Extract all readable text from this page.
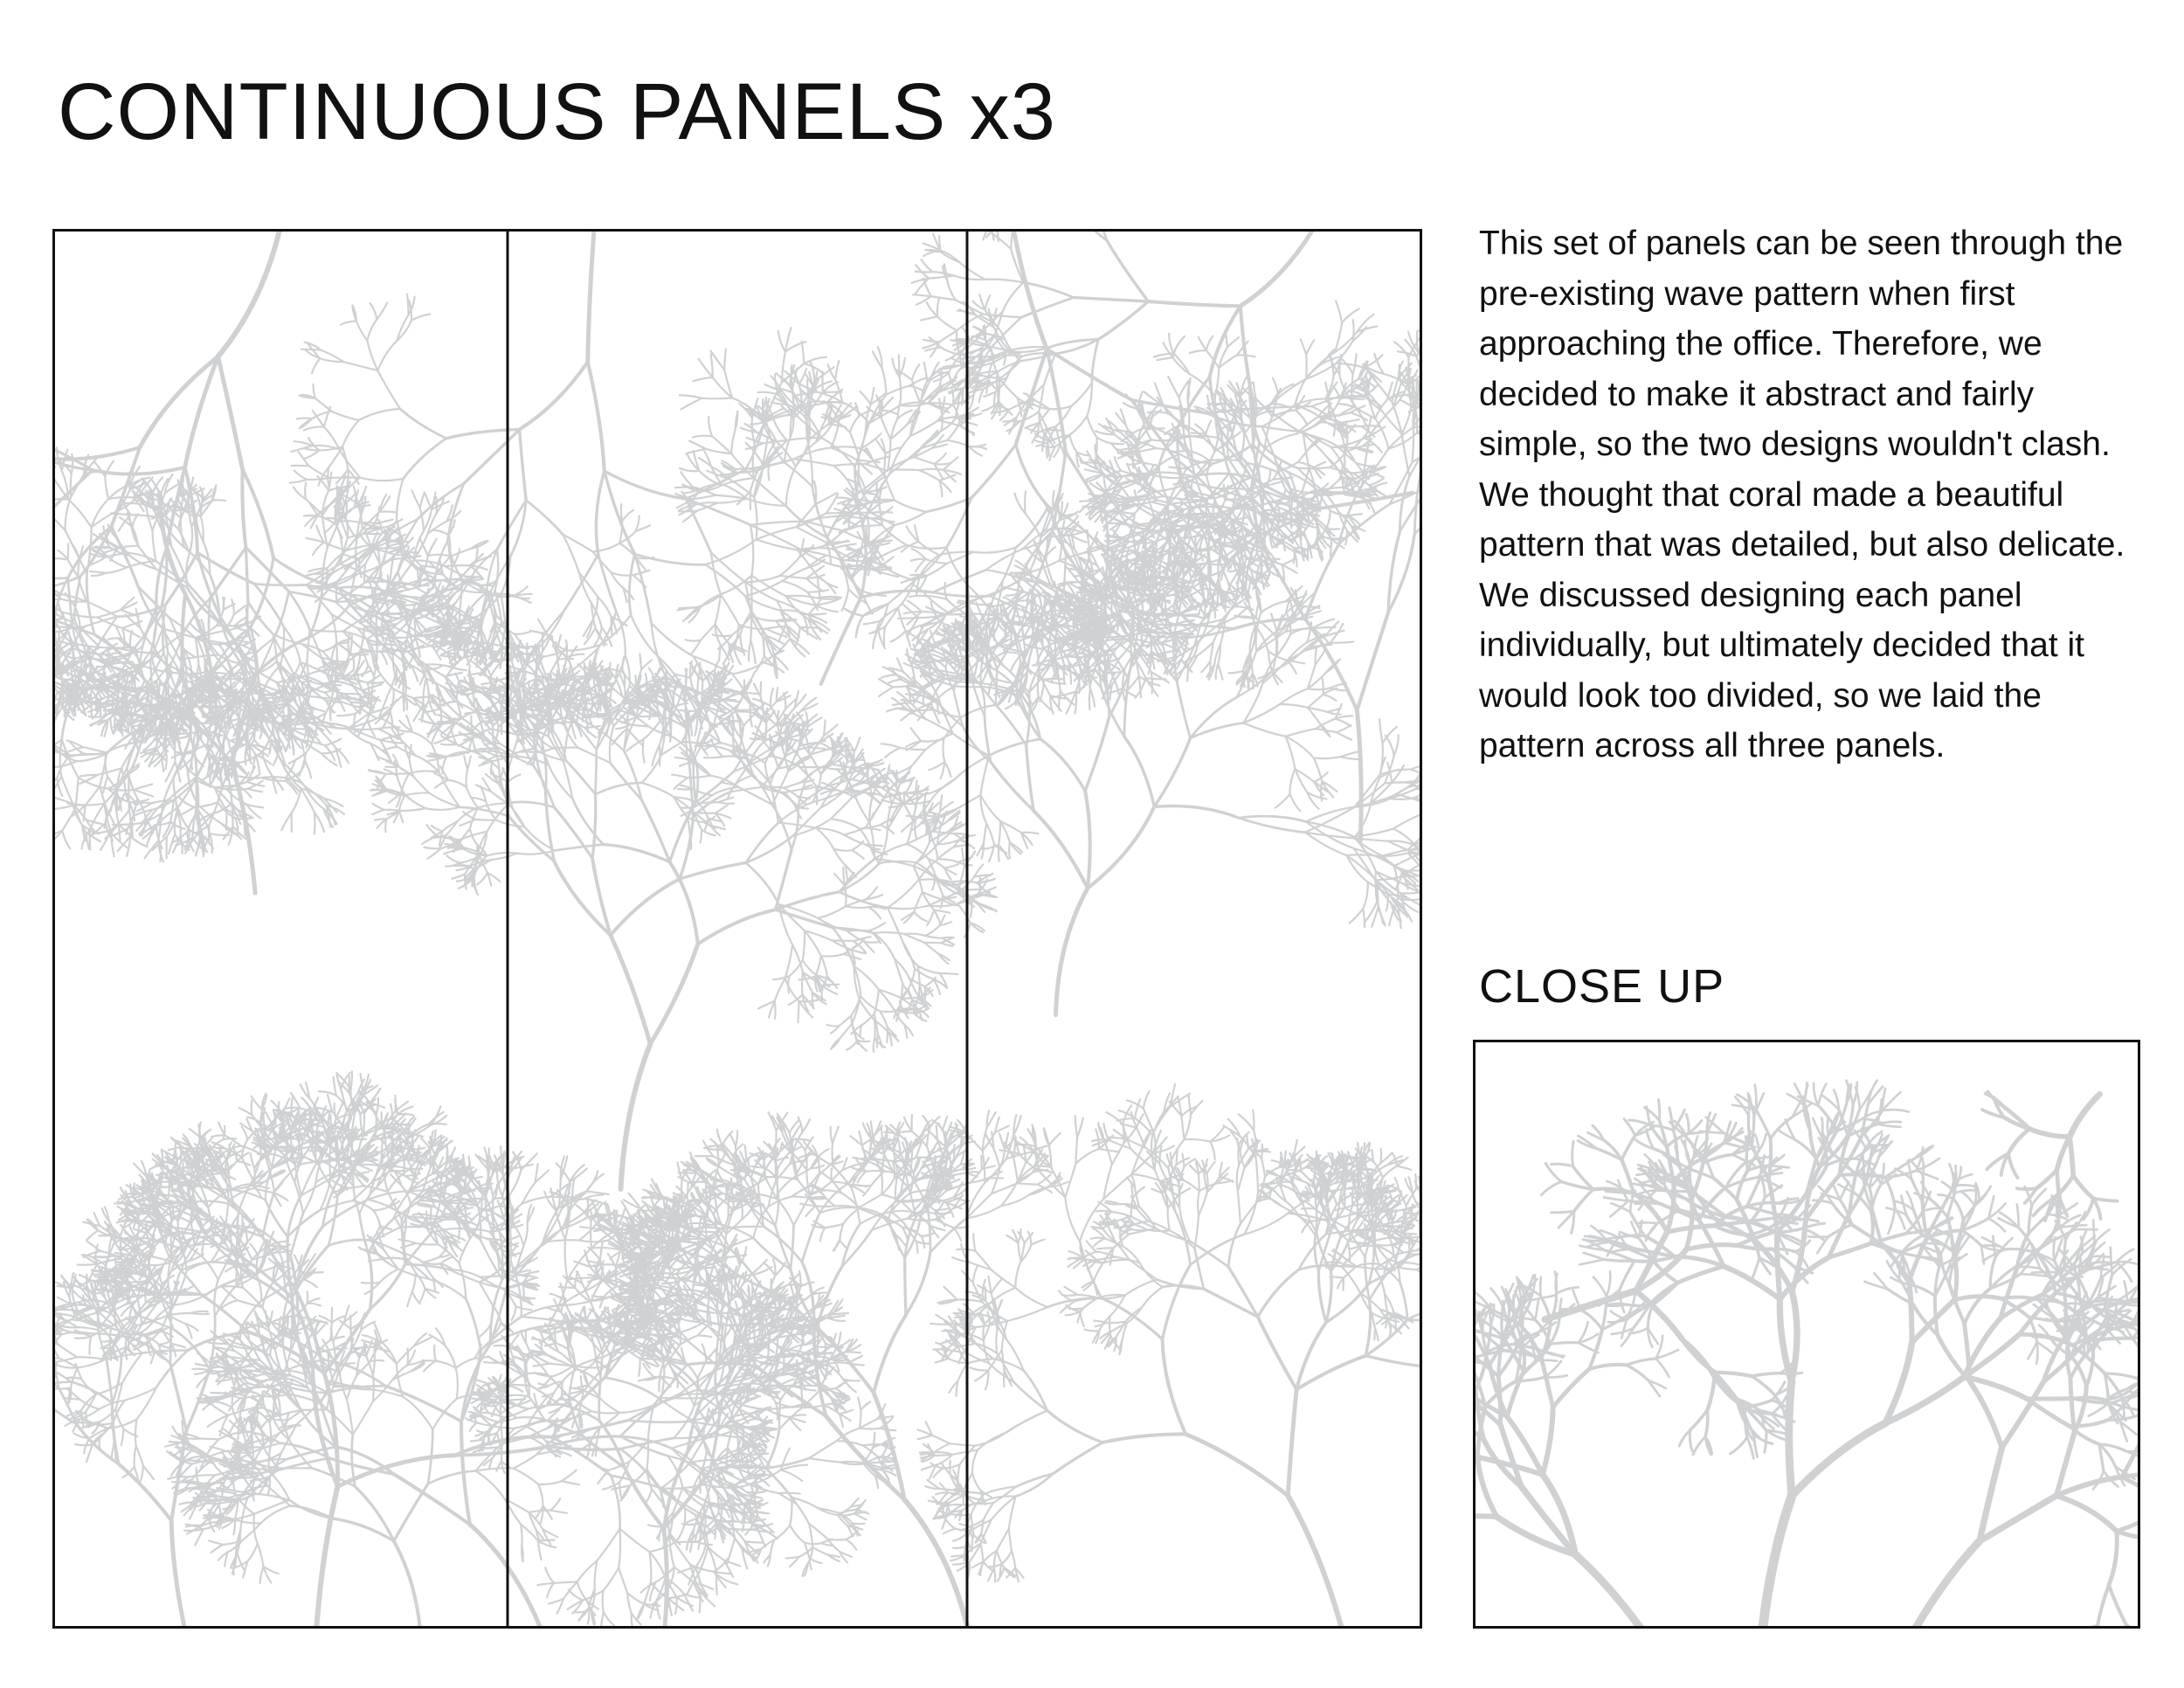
CONTINUOUS PANELS x3

This set of panels can be seen through the pre-existing wave pattern when first approaching the office. Therefore, we decided to make it abstract and fairly simple, so the two designs wouldn't clash. We thought that coral made a beautiful pattern that was detailed, but also delicate. We discussed designing each panel individually, but ultimately decided that it would look too divided, so we laid the pattern across all three panels.

CLOSE UP
